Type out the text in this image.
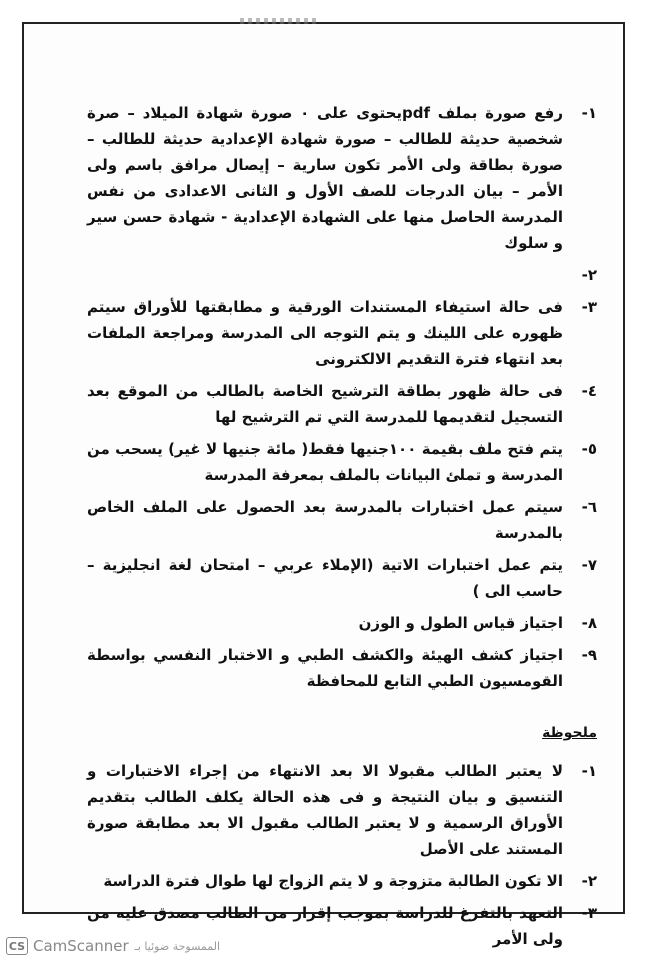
١-
رفع صورة بملف pdfيحتوى على ٠ صورة شهادة الميلاد – صرة شخصية حديثة للطالب – صورة شهادة الإعدادية حديثة للطالب – صورة بطاقة ولى الأمر تكون سارية – إيصال مرافق باسم ولى الأمر – بيان الدرجات للصف الأول و الثانى الاعدادى من نفس المدرسة الحاصل منها على الشهادة الإعدادية - شهادة حسن سير و سلوك
٢-
٣-
فى حالة استيفاء المستندات الورقية و مطابقتها للأوراق سيتم ظهوره على اللينك و يتم التوجه الى المدرسة ومراجعة الملفات بعد انتهاء فترة التقديم الالكترونى
٤-
فى حالة ظهور بطاقة الترشيح الخاصة بالطالب من الموقع بعد التسجيل لتقديمها للمدرسة التي تم الترشيح لها
٥-
يتم فتح ملف بقيمة ١٠٠جنيها فقط( مائة جنيها لا غير) يسحب من المدرسة و تملئ البيانات بالملف بمعرفة المدرسة
٦-
سيتم عمل اختبارات بالمدرسة بعد الحصول على الملف الخاص بالمدرسة
٧-
يتم عمل اختبارات الاتية (الإملاء عربي – امتحان لغة انجليزية – حاسب الى )
٨-
اجتياز قياس الطول و الوزن
٩-
اجتياز كشف الهيئة والكشف الطبي و الاختبار النفسي بواسطة القومسيون الطبي التابع للمحافظة
ملحوظة
١-
لا يعتبر الطالب مقبولا الا بعد الانتهاء من إجراء الاختبارات و التنسيق و بيان النتيجة و فى هذه الحالة يكلف الطالب بتقديم الأوراق الرسمية و لا يعتبر الطالب مقبول الا بعد مطابقة صورة المستند على الأصل
٢-
الا تكون الطالبة متزوجة و لا يتم الزواج لها طوال فترة الدراسة
٣-
التعهد بالتفرغ للدراسة بموجب إقرار من الطالب مصدق عليه من ولى الأمر
CS CamScanner الممسوحة ضوئيا بـ
